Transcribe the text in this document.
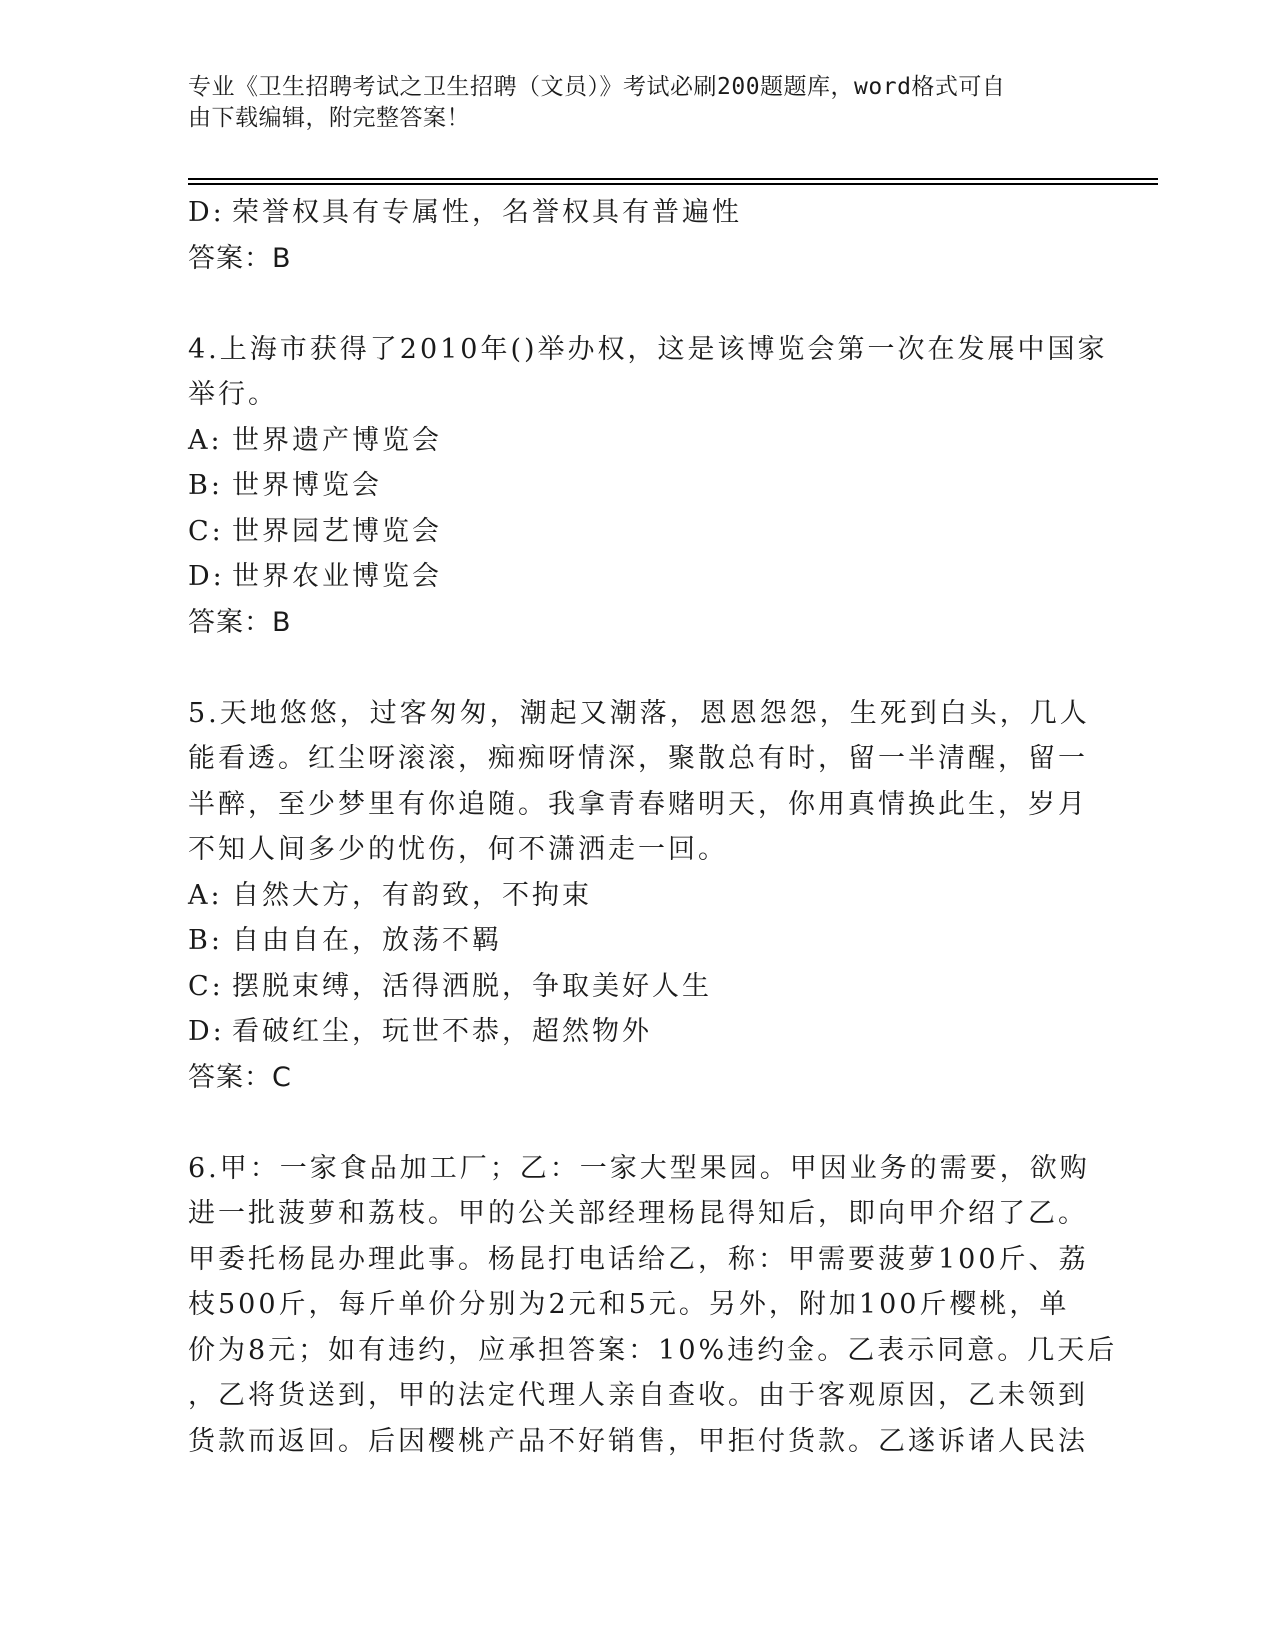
专业《卫生招聘考试之卫生招聘（文员）》考试必刷200题题库，word格式可自
由下载编辑，附完整答案！
D: 荣誉权具有专属性，名誉权具有普遍性
答案：B
4.上海市获得了2010年()举办权，这是该博览会第一次在发展中国家
举行。
A: 世界遗产博览会
B: 世界博览会
C: 世界园艺博览会
D: 世界农业博览会
答案：B
5.天地悠悠，过客匆匆，潮起又潮落，恩恩怨怨，生死到白头，几人
能看透。红尘呀滚滚，痴痴呀情深，聚散总有时，留一半清醒，留一
半醉，至少梦里有你追随。我拿青春赌明天，你用真情换此生，岁月
不知人间多少的忧伤，何不潇洒走一回。
A: 自然大方，有韵致，不拘束
B: 自由自在，放荡不羁
C: 摆脱束缚，活得洒脱，争取美好人生
D: 看破红尘，玩世不恭，超然物外
答案：C
6.甲：一家食品加工厂；乙：一家大型果园。甲因业务的需要，欲购
进一批菠萝和荔枝。甲的公关部经理杨昆得知后，即向甲介绍了乙。
甲委托杨昆办理此事。杨昆打电话给乙，称：甲需要菠萝100斤、荔
枝500斤，每斤单价分别为2元和5元。另外，附加100斤樱桃，单
价为8元；如有违约，应承担答案：10%违约金。乙表示同意。几天后
，乙将货送到，甲的法定代理人亲自查收。由于客观原因，乙未领到
货款而返回。后因樱桃产品不好销售，甲拒付货款。乙遂诉诸人民法
